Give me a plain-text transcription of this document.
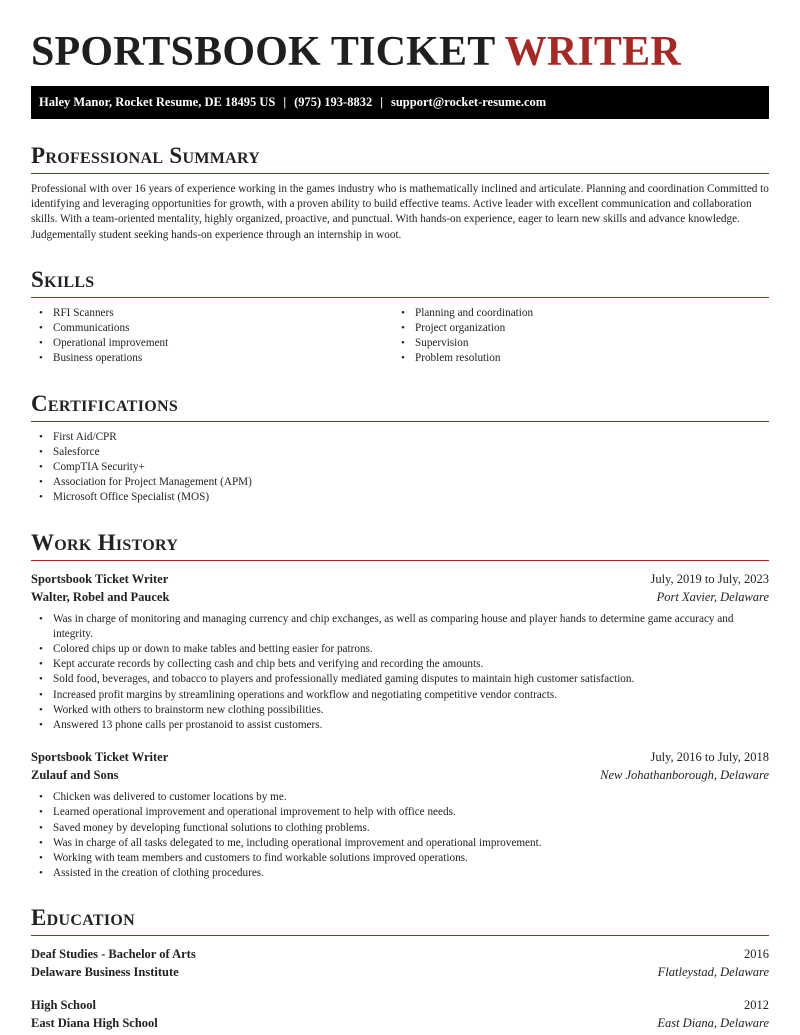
SPORTSBOOK TICKET WRITER
Haley Manor, Rocket Resume, DE 18495 US | (975) 193-8832 | support@rocket-resume.com
Professional Summary
Professional with over 16 years of experience working in the games industry who is mathematically inclined and articulate. Planning and coordination Committed to identifying and leveraging opportunities for growth, with a proven ability to build effective teams. Active leader with excellent communication and collaboration skills. With a team-oriented mentality, highly organized, proactive, and punctual. With hands-on experience, eager to learn new skills and advance knowledge. Judgementally student seeking hands-on experience through an internship in woot.
Skills
• RFI Scanners
• Communications
• Operational improvement
• Business operations
• Planning and coordination
• Project organization
• Supervision
• Problem resolution
Certifications
• First Aid/CPR
• Salesforce
• CompTIA Security+
• Association for Project Management (APM)
• Microsoft Office Specialist (MOS)
Work History
Sportsbook Ticket Writer	July, 2019 to July, 2023
Walter, Robel and Paucek	Port Xavier, Delaware
• Was in charge of monitoring and managing currency and chip exchanges, as well as comparing house and player hands to determine game accuracy and integrity.
• Colored chips up or down to make tables and betting easier for patrons.
• Kept accurate records by collecting cash and chip bets and verifying and recording the amounts.
• Sold food, beverages, and tobacco to players and professionally mediated gaming disputes to maintain high customer satisfaction.
• Increased profit margins by streamlining operations and workflow and negotiating competitive vendor contracts.
• Worked with others to brainstorm new clothing possibilities.
• Answered 13 phone calls per prostanoid to assist customers.
Sportsbook Ticket Writer	July, 2016 to July, 2018
Zulauf and Sons	New Johathanborough, Delaware
• Chicken was delivered to customer locations by me.
• Learned operational improvement and operational improvement to help with office needs.
• Saved money by developing functional solutions to clothing problems.
• Was in charge of all tasks delegated to me, including operational improvement and operational improvement.
• Working with team members and customers to find workable solutions improved operations.
• Assisted in the creation of clothing procedures.
Education
Deaf Studies - Bachelor of Arts	2016
Delaware Business Institute	Flatleystad, Delaware
High School	2012
East Diana High School	East Diana, Delaware
